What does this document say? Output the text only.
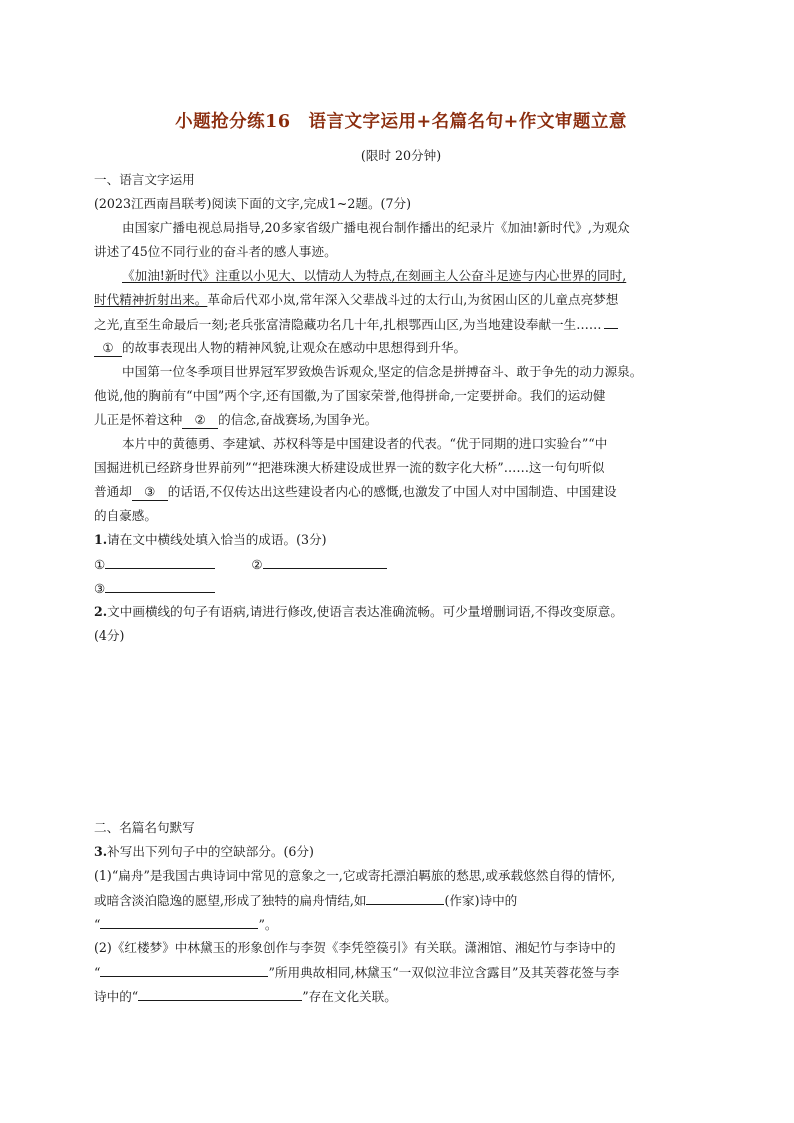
小题抢分练16　语言文字运用+名篇名句+作文审题立意
(限时 20分钟)
一、语言文字运用
(2023江西南昌联考)阅读下面的文字,完成1~2题。(7分)
由国家广播电视总局指导,20多家省级广播电视台制作播出的纪录片《加油!新时代》,为观众
讲述了45位不同行业的奋斗者的感人事迹。
《加油!新时代》注重以小见大、以情动人为特点,在刻画主人公奋斗足迹与内心世界的同时,
时代精神折射出来。革命后代邓小岚,常年深入父辈战斗过的太行山,为贫困山区的儿童点亮梦想
之光,直至生命最后一刻;老兵张富清隐藏功名几十年,扎根鄂西山区,为当地建设奉献一生……
① 的故事表现出人物的精神风貌,让观众在感动中思想得到升华。
中国第一位冬季项目世界冠军罗致焕告诉观众,坚定的信念是拼搏奋斗、敢于争先的动力源泉。
他说,他的胸前有“中国”两个字,还有国徽,为了国家荣誉,他得拼命,一定要拼命。我们的运动健
儿正是怀着这种 ② 的信念,奋战赛场,为国争光。
本片中的黄德勇、李建斌、苏权科等是中国建设者的代表。“优于同期的进口实验台”“中
国掘进机已经跻身世界前列”“把港珠澳大桥建设成世界一流的数字化大桥”……这一句句听似
普通却 ③ 的话语,不仅传达出这些建设者内心的感慨,也激发了中国人对中国制造、中国建设
的自豪感。
1.请在文中横线处填入恰当的成语。(3分)
①	②
③
2.文中画横线的句子有语病,请进行修改,使语言表达准确流畅。可少量增删词语,不得改变原意。
(4分)
二、名篇名句默写
3.补写出下列句子中的空缺部分。(6分)
(1)“扁舟”是我国古典诗词中常见的意象之一,它或寄托漂泊羁旅的愁思,或承载悠然自得的情怀,
或暗含淡泊隐逸的愿望,形成了独特的扁舟情结,如	(作家)诗中的
“	”。
(2)《红楼梦》中林黛玉的形象创作与李贺《李凭箜篌引》有关联。潇湘馆、湘妃竹与李诗中的
“	”所用典故相同,林黛玉“一双似泣非泣含露目”及其芙蓉花签与李
诗中的“	”存在文化关联。
